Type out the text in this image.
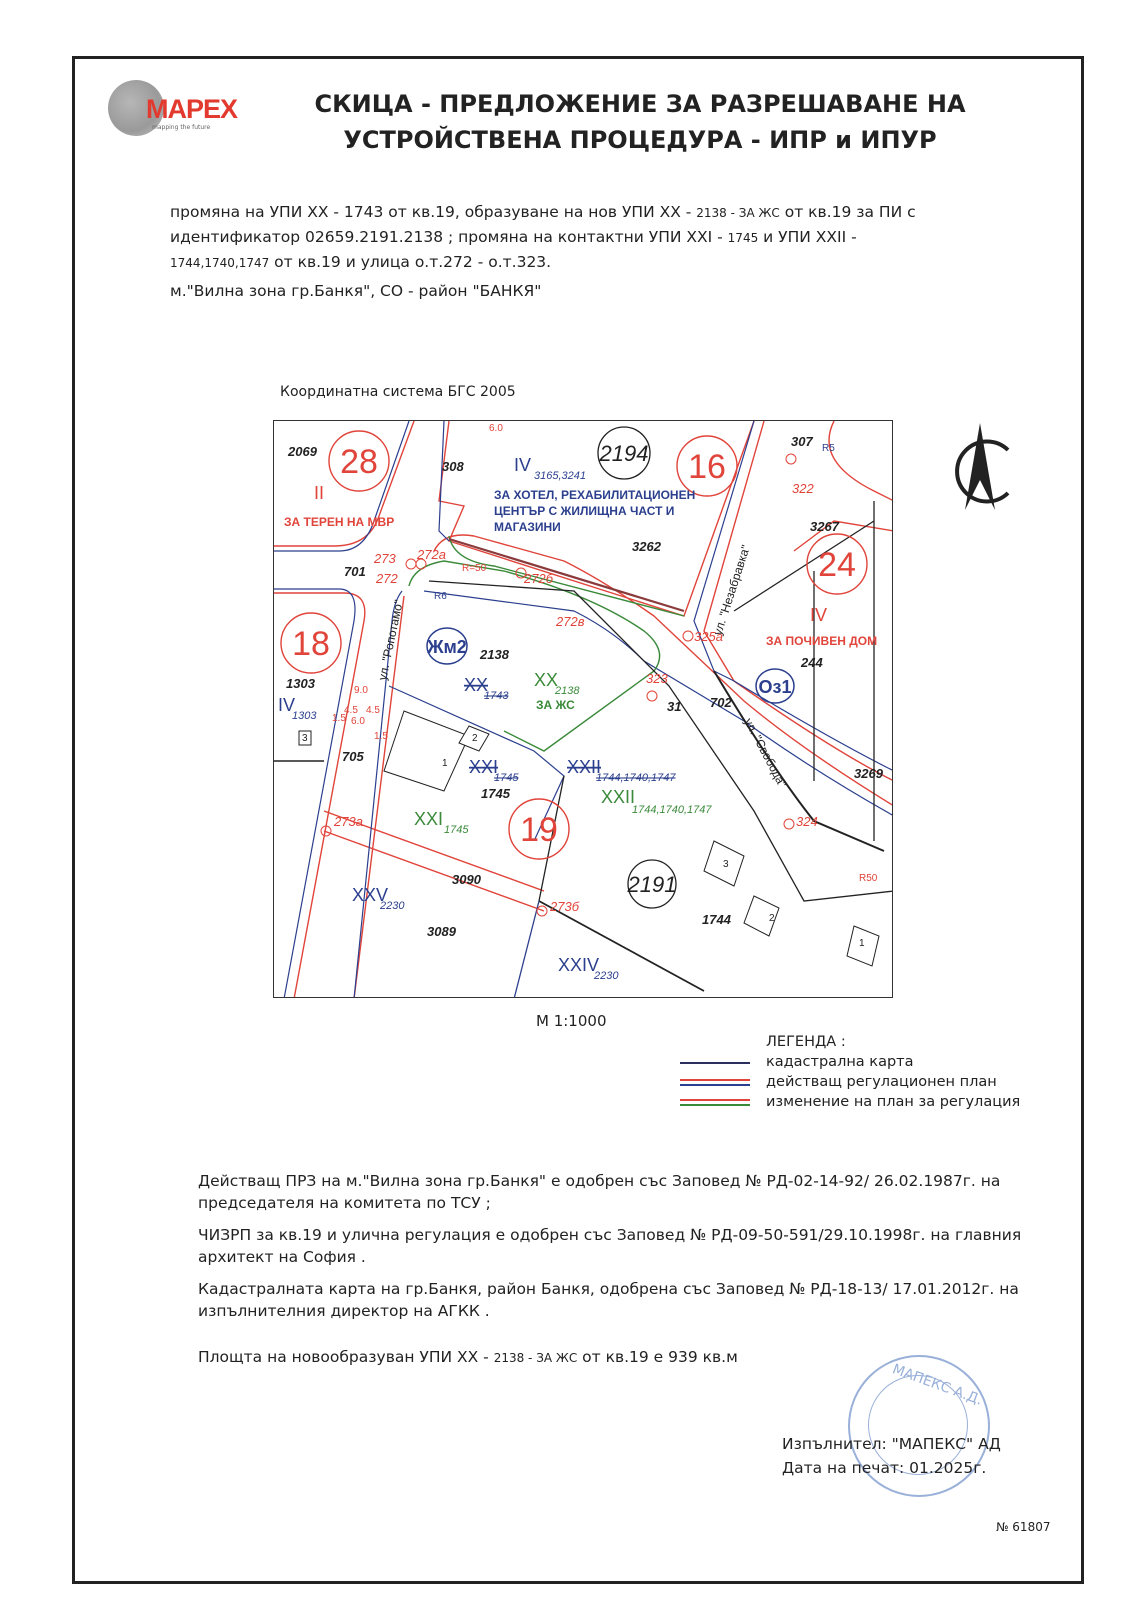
MAPEX
mapping the future
СКИЦА - ПРЕДЛОЖЕНИЕ ЗА РАЗРЕШАВАНЕ НА
УСТРОЙСТВЕНА ПРОЦЕДУРА - ИПР и ИПУР
промяна на УПИ ХХ - 1743 от кв.19, образуване на нов УПИ ХХ - 2138 - ЗА ЖС от кв.19 за ПИ с
идентификатор 02659.2191.2138 ; промяна на контактни УПИ ХХI - 1745 и УПИ ХХII -
1744,1740,1747 от кв.19 и улица о.т.272 - о.т.323.
м."Вилна зона гр.Банкя", СО - район "БАНКЯ"
Координатна система БГС 2005
28	16
18
24
19
2194
2191
Жм2
Оз1
2069
308
3262
307
3267
701
1303
2138
244
705
31 702
1745
3269
3090
3089
1744
II
ЗА ТЕРЕН НА МВР
IV
3165,3241
ЗА ХОТЕЛ, РЕХАБИЛИТАЦИОНЕН
ЦЕНТЪР С ЖИЛИЩНА ЧАСТ И
МАГАЗИНИ
IV
ЗА ПОЧИВЕН ДОМ
IV
1303
XX
1743
XX
2138
ЗА ЖС
XXI
1745
XXI
1745
XXII
1744,1740,1747
XXII
1744,1740,1747
XXV
2230
XXIV
2230
273 272а
272	272б
272в
322
325а
323
324
273а
273б
ул. "Ропотамо"
ул. "Незабравка"
ул. "Свобода"
6.0
9.0
4.5 4.5
6.0
1.5
1.5
R=50
R50
R6
R5
1
2
3
2
1
3
М 1:1000
ЛЕГЕНДА :
кадастрална карта
действащ регулационен план
изменение на план за регулация

Действащ ПРЗ на м."Вилна зона гр.Банкя" е одобрен със Заповед № РД-02-14-92/ 26.02.1987г. на председателя на комитета по ТСУ ;

ЧИЗРП за кв.19 и улична регулация е одобрен със Заповед № РД-09-50-591/29.10.1998г. на главния архитект на София .

Кадастралната карта на гр.Банкя, район Банкя, одобрена със Заповед № РД-18-13/ 17.01.2012г. на изпълнителния директор на АГКК .

Площта на новообразуван УПИ ХХ - 2138 - ЗА ЖС от кв.19 е 939 кв.м
МАПЕКС А.Д.
Изпълнител: "МАПЕКС" АД
Дата на печат: 01.2025г.
№ 61807
